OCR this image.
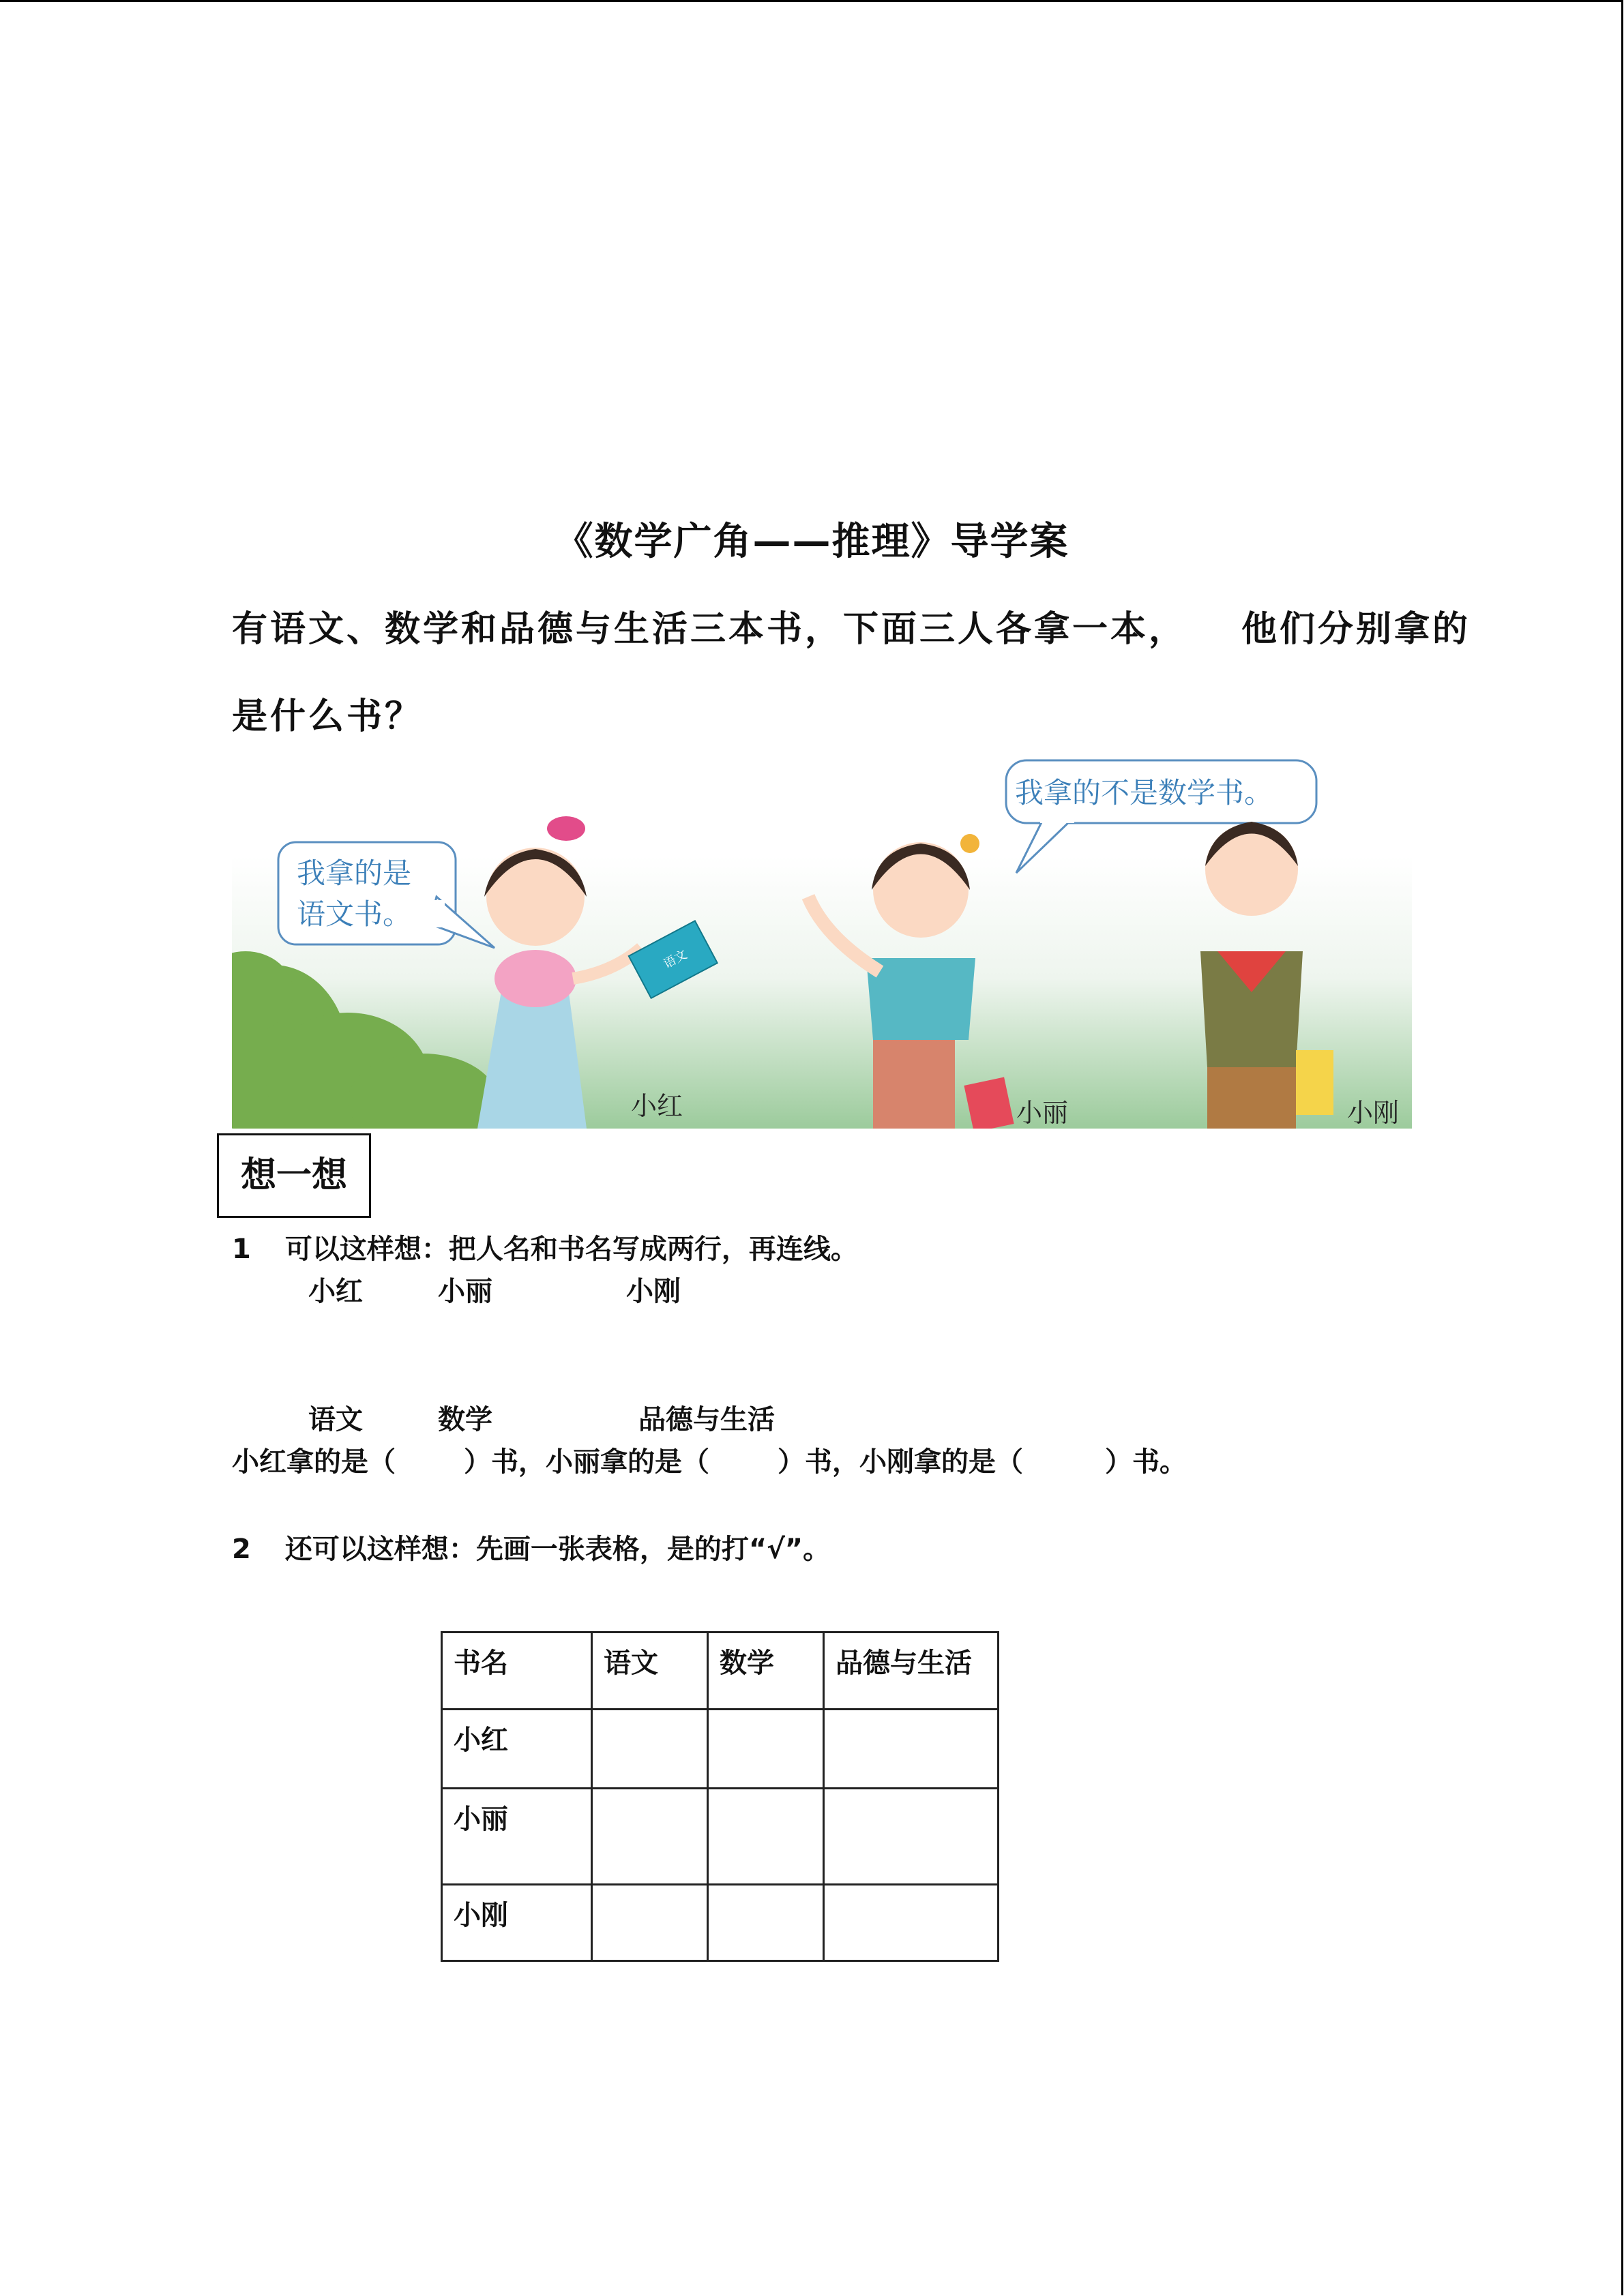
《数学广角——推理》导学案
有语文、数学和品德与生活三本书，下面三人各拿一本， 他们分别拿的
是什么书？
我拿的是
语文书。
我拿的不是数学书。
语文
小红	小丽	小刚
想一想
1 可以这样想：把人名和书名写成两行，再连线。
小红	小丽	小刚
语文	数学	品德与生活
小红拿的是（	）书，小丽拿的是（	）书，小刚拿的是（	）书。
2 还可以这样想：先画一张表格，是的打“√”。
书名	语文	数学	品德与生活
小红			
小丽			
小刚			
